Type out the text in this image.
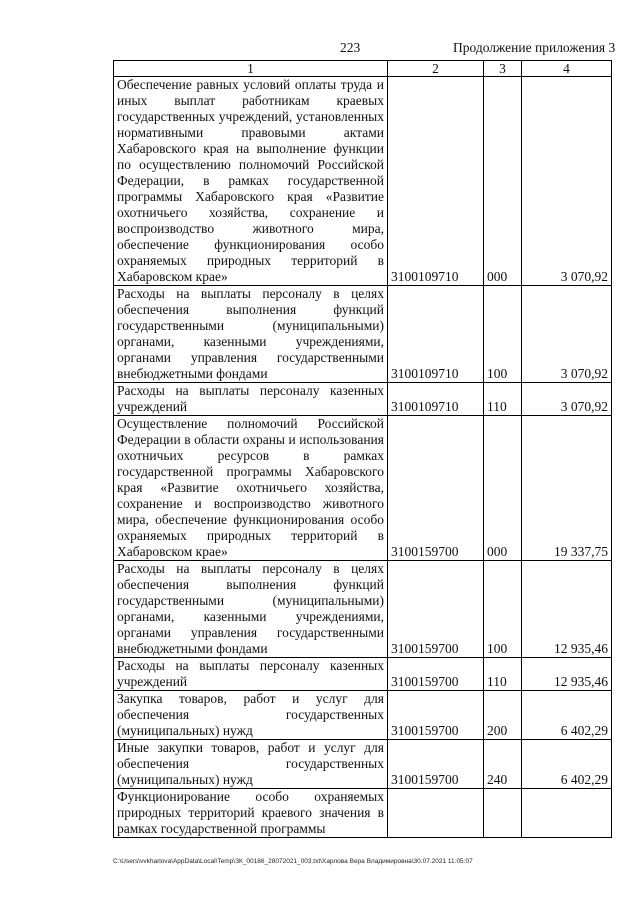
223	Продолжение приложения 3
1	2	3	4
Обеспечение равных условий оплаты труда и иных выплат работникам краевых государственных учреждений, установленных нормативными правовыми актами Хабаровского края на выполнение функции по осуществлению полномочий Российской Федерации, в рамках государственной программы Хабаровского края «Развитие охотничьего хозяйства, сохранение и воспроизводство животного мира, обеспечение функционирования особо охраняемых природных территорий в Хабаровском крае»	3100109710	000	3 070,92
Расходы на выплаты персоналу в целях обеспечения выполнения функций государственными (муниципальными) органами, казенными учреждениями, органами управления государственными внебюджетными фондами	3100109710	100	3 070,92
Расходы на выплаты персоналу казенных учреждений	3100109710	110	3 070,92
Осуществление полномочий Российской Федерации в области охраны и использования охотничьих ресурсов в рамках государственной программы Хабаровского края «Развитие охотничьего хозяйства, сохранение и воспроизводство животного мира, обеспечение функционирования особо охраняемых природных территорий в Хабаровском крае»	3100159700	000	19 337,75
Расходы на выплаты персоналу в целях обеспечения выполнения функций государственными (муниципальными) органами, казенными учреждениями, органами управления государственными внебюджетными фондами	3100159700	100	12 935,46
Расходы на выплаты персоналу казенных учреждений	3100159700	110	12 935,46
Закупка товаров, работ и услуг для обеспечения государственных (муниципальных) нужд	3100159700	200	6 402,29
Иные закупки товаров, работ и услуг для обеспечения государственных (муниципальных) нужд	3100159700	240	6 402,29
Функционирование особо охраняемых природных территорий краевого значения в рамках государственной программы			
C:\Users\vvkharlova\AppData\Local\Temp\ЗК_00186_28072021_003.txt\Харлова Вера Владимировна\30.07.2021 11:05:07
